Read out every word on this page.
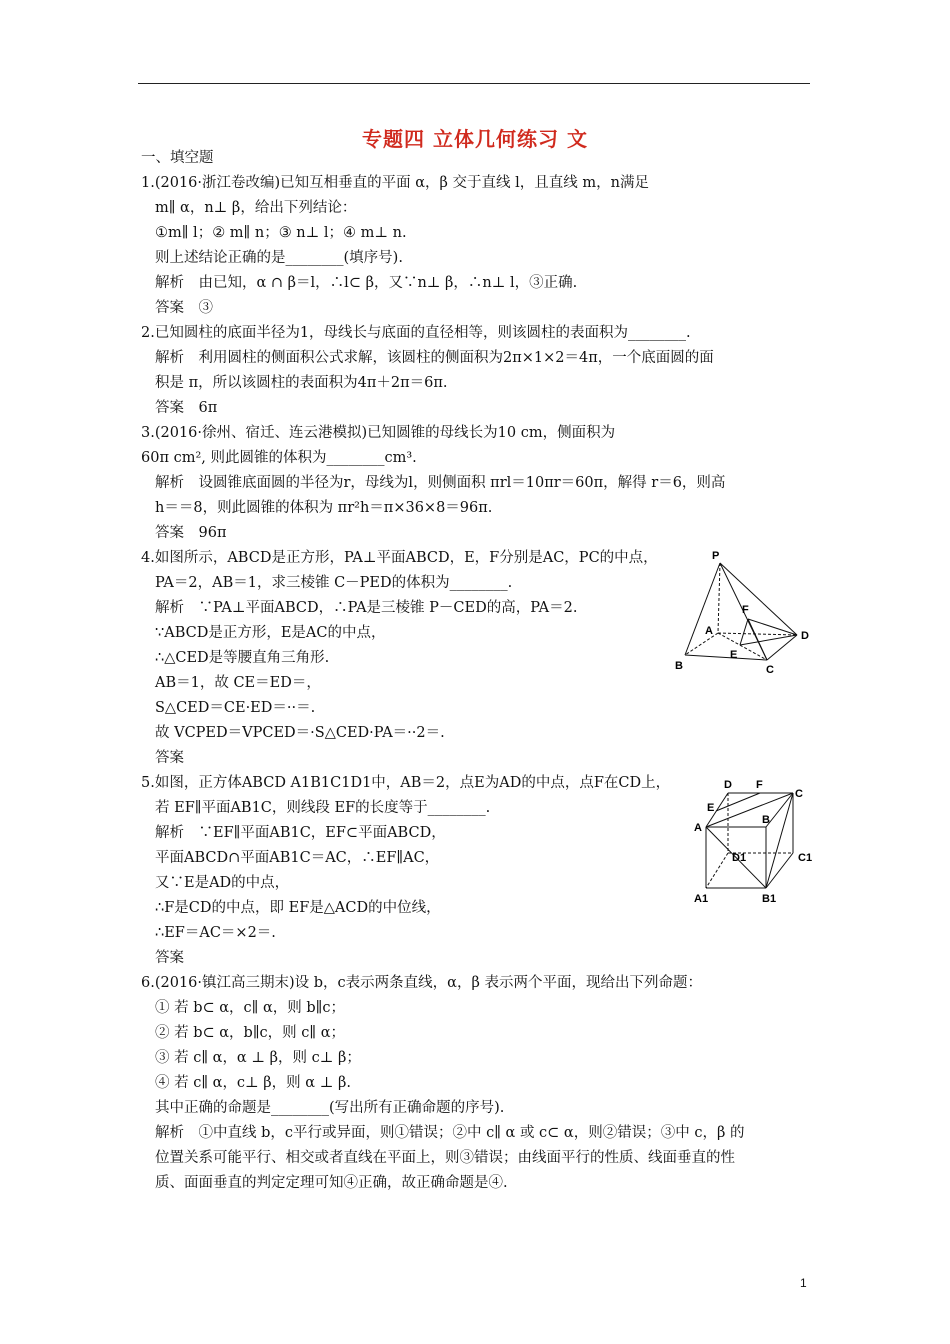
专题四 立体几何练习 文
一、填空题
1.(2016·浙江卷改编)已知互相垂直的平面 α，β 交于直线 l，且直线 m，n满足
m∥ α，n⊥ β，给出下列结论：
①m∥ l；② m∥ n；③ n⊥ l；④ m⊥ n.
则上述结论正确的是________(填序号).
解析　由已知，α ∩ β＝l，∴l⊂ β，又∵n⊥ β，∴n⊥ l，③正确.
答案　③
2.已知圆柱的底面半径为1，母线长与底面的直径相等，则该圆柱的表面积为________.
解析　利用圆柱的侧面积公式求解，该圆柱的侧面积为2π×1×2＝4π，一个底面圆的面
积是 π，所以该圆柱的表面积为4π＋2π＝6π.
答案　6π
3.(2016·徐州、宿迁、连云港模拟)已知圆锥的母线长为10 cm，侧面积为
60π cm², 则此圆锥的体积为________cm³.
解析　设圆锥底面圆的半径为r，母线为l，则侧面积 πrl＝10πr＝60π，解得 r＝6，则高
h＝＝8，则此圆锥的体积为 πr²h＝π×36×8＝96π.
答案　96π
4.如图所示，ABCD是正方形，PA⊥平面ABCD，E，F分别是AC，PC的中点，
PA＝2，AB＝1，求三棱锥 C－PED的体积为________.
解析　∵PA⊥平面ABCD，∴PA是三棱锥 P－CED的高，PA＝2.
∵ABCD是正方形，E是AC的中点，
∴△CED是等腰直角三角形.
AB＝1，故 CE＝ED＝，
S△CED＝CE·ED＝··＝.
故 VCPED＝VPCED＝·S△CED·PA＝··2＝.
答案
5.如图，正方体ABCD A1B1C1D1中，AB＝2，点E为AD的中点，点F在CD上，
若 EF∥平面AB1C，则线段 EF的长度等于________.
解析　∵EF∥平面AB1C，EF⊂平面ABCD，
平面ABCD∩平面AB1C＝AC，∴EF∥AC，
又∵E是AD的中点，
∴F是CD的中点，即 EF是△ACD的中位线，
∴EF＝AC＝×2＝.
答案
6.(2016·镇江高三期末)设 b，c表示两条直线，α，β 表示两个平面，现给出下列命题：
① 若 b⊂ α，c∥ α，则 b∥c；
② 若 b⊂ α，b∥c，则 c∥ α；
③ 若 c∥ α，α ⊥ β，则 c⊥ β；
④ 若 c∥ α，c⊥ β，则 α ⊥ β.
其中正确的命题是________(写出所有正确命题的序号).
解析　①中直线 b，c平行或异面，则①错误；②中 c∥ α 或 c⊂ α，则②错误；③中 c，β 的
位置关系可能平行、相交或者直线在平面上，则③错误；由线面平行的性质、线面垂直的性
质、面面垂直的判定定理可知④正确，故正确命题是④.
P
F
A	D
E
B	C
D F
C
E
A
B
D1	C1
A1	B1
1
